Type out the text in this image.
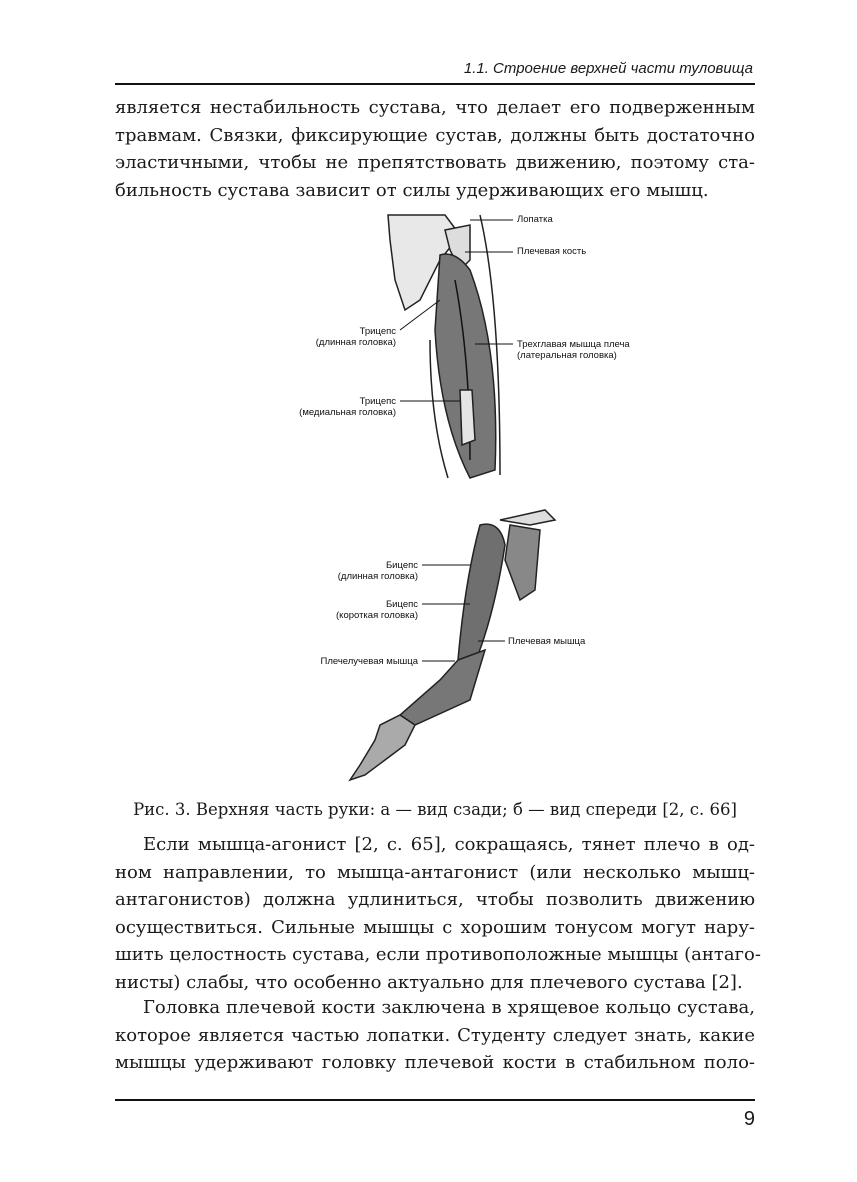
1.1. Строение верхней части туловища
является нестабильность сустава, что делает его подверженным
травмам. Связки, фиксирующие сустав, должны быть достаточно
эластичными, чтобы не препятствовать движению, поэтому ста-
бильность сустава зависит от силы удерживающих его мышц.
Лопатка
Плечевая кость
Трицепс
(длинная головка)	Трехглавая мышца плеча
(латеральная головка)
Трицепс
(медиальная головка)
Бицепс
(длинная головка)
Бицепс
(короткая головка)
Плечевая мышца
Плечелучевая мышца
Рис. 3. Верхняя часть руки: а — вид сзади; б — вид спереди [2, с. 66]
Если мышца-агонист [2, с. 65], сокращаясь, тянет плечо в од-
ном направлении, то мышца-антагонист (или несколько мышц-
антагонистов) должна удлиниться, чтобы позволить движению
осуществиться. Сильные мышцы с хорошим тонусом могут нару-
шить целостность сустава, если противоположные мышцы (антаго-
нисты) слабы, что особенно актуально для плечевого сустава [2].
Головка плечевой кости заключена в хрящевое кольцо сустава,
которое является частью лопатки. Студенту следует знать, какие
мышцы удерживают головку плечевой кости в стабильном поло-
9
